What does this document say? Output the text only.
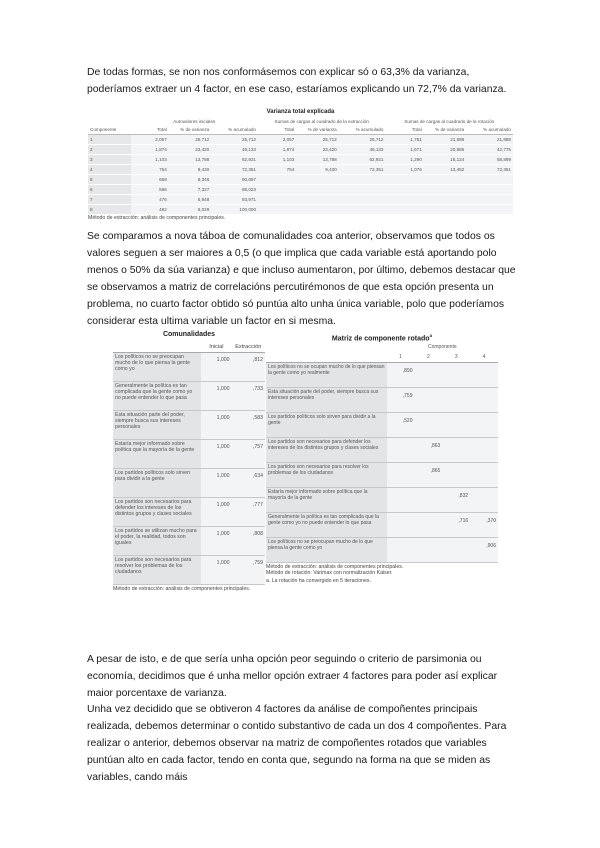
De todas formas, se non nos conformásemos con explicar só o 63,3% da varianza, poderíamos extraer un 4 factor, en ese caso, estaríamos explicando un 72,7% da varianza.

Varianza total explicada
	Autovalores iniciales			Sumas de cargas al cuadrado de la extracción			Sumas de cargas al cuadrado de la rotación		
Componente	Total	% de varianza	% acumulado	Total	% de varianza	% acumulado	Total	% de varianza	% acumulado
1	2,057	25,712	25,712	2,057	25,712	25,712	1,751	21,888	21,888
2	1,874	23,420	49,133	1,874	23,420	49,133	1,671	20,886	42,775
3	1,103	13,788	62,921	1,103	13,788	62,921	1,290	16,124	58,899
4	754	9,430	72,351	754	9,430	72,351	1,076	13,452	72,351
5	668	8,346	80,697						
6	586	7,327	88,023						
7	476	5,948	93,971						
8	482	6,029	100,000						
Método de extracción: análisis de componentes principales.

Se comparamos a nova táboa de comunalidades coa anterior, observamos que todos os valores seguen a ser maiores a 0,5 (o que implica que cada variable está aportando polo menos o 50% da súa varianza) e que incluso aumentaron, por último, debemos destacar que se observamos a matriz de correlacións percutirémonos de que esta opción presenta un problema, no cuarto factor obtido só puntúa alto unha única variable, polo que poderíamos considerar esta ultima variable un factor en si mesma.

Comunalidades
	Inicial	Extracción
Los políticos no se preocupan mucho de lo que piensa la gente como yo	1,000	,812
Generalmente la política es tan complicada que la gente como yo no puede entender lo que pasa	1,000	,733
Esta situación parte del poder, siempre busca sus intereses personales	1,000	,583
Estaría mejor informado sobre política que la mayoría de la gente	1,000	,757
Los partidos políticos solo sirven para dividir a la gente	1,000	,634
Los partidos son necesarios para defender los intereses de los distintos grupos y clases sociales	1,000	,777
Los partidos se utilizan mucho para el poder, la realidad, todos son iguales	1,000	,808
Los partidos son necesarios para resolver los problemas de los ciudadanos	1,000	,759
Método de extracción: análisis de componentes principales.
Matriz de componente rotado$^a$
	Componente			
	1	2	3	4
Los políticos no se ocupan mucho de lo que piensan la gente como yo realmente	,890			
Esta situación parte del poder, siempre busca sus intereses personales	,759			
Los partidos políticos solo sirven para dividir a la gente	,520			
Los partidos son necesarios para defender los intereses de los distintos grupos y clases sociales		,863		
Los partidos son necesarios para resolver los problemas de los ciudadanos		,865		
Estaría mejor informado sobre política que la mayoría de la gente			,832	
Generalmente la política es tan complicada que la gente como yo no puede entender lo que pasa			,716	,370
Los políticos no se preocupan mucho de lo que piensa la gente como yo				,906
Método de extracción: análisis de componentes principales.
Método de rotación: Varimax con normalización Kaiser.
a. La rotación ha convergido en 5 iteraciones.

A pesar de isto, e de que sería unha opción peor seguindo o criterio de parsimonia ou economía, decidimos que é unha mellor opción extraer 4 factores para poder así explicar maior porcentaxe de varianza.

Unha vez decidido que se obtiveron 4 factores da análise de compoñentes principais realizada, debemos determinar o contido substantivo de cada un dos 4 compoñentes. Para realizar o anterior, debemos observar na matriz de compoñentes rotados que variables puntúan alto en cada factor, tendo en conta que, segundo na forma na que se miden as variables, cando máis
